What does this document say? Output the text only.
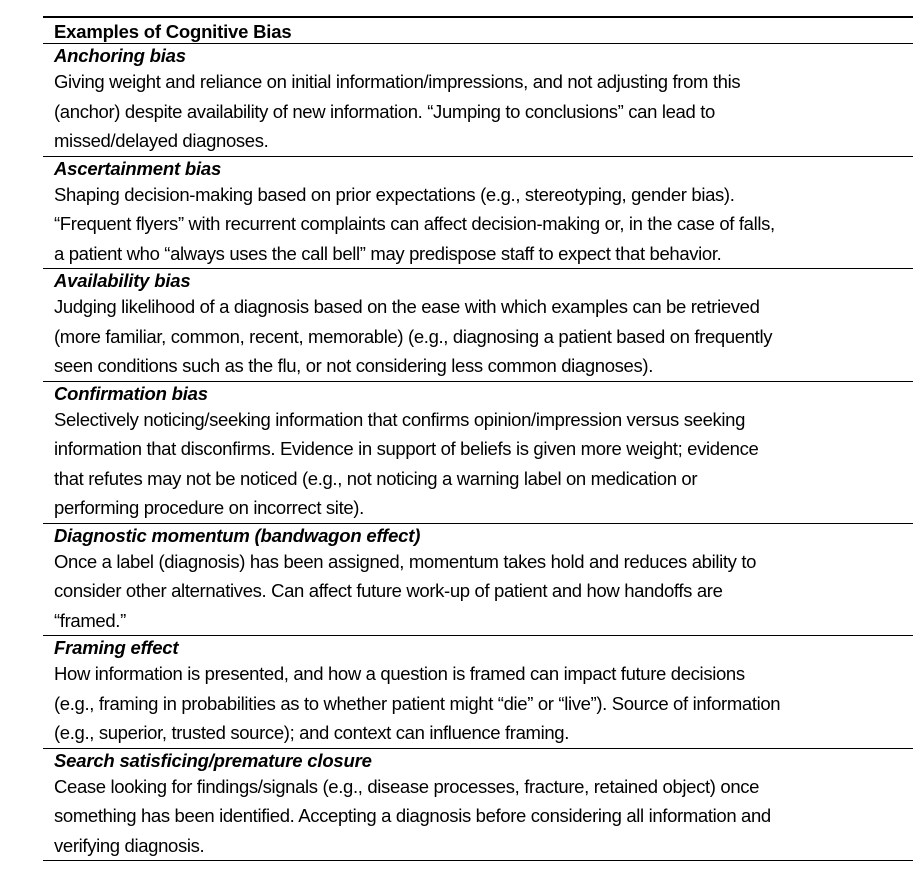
Examples of Cognitive Bias
Anchoring bias
Giving weight and reliance on initial information/impressions, and not adjusting from this
(anchor) despite availability of new information. “Jumping to conclusions” can lead to
missed/delayed diagnoses.
Ascertainment bias
Shaping decision-making based on prior expectations (e.g., stereotyping, gender bias).
“Frequent flyers” with recurrent complaints can affect decision-making or, in the case of falls,
a patient who “always uses the call bell” may predispose staff to expect that behavior.
Availability bias
Judging likelihood of a diagnosis based on the ease with which examples can be retrieved
(more familiar, common, recent, memorable) (e.g., diagnosing a patient based on frequently
seen conditions such as the flu, or not considering less common diagnoses).
Confirmation bias
Selectively noticing/seeking information that confirms opinion/impression versus seeking
information that disconfirms. Evidence in support of beliefs is given more weight; evidence
that refutes may not be noticed (e.g., not noticing a warning label on medication or
performing procedure on incorrect site).
Diagnostic momentum (bandwagon effect)
Once a label (diagnosis) has been assigned, momentum takes hold and reduces ability to
consider other alternatives. Can affect future work-up of patient and how handoffs are
“framed.”
Framing effect
How information is presented, and how a question is framed can impact future decisions
(e.g., framing in probabilities as to whether patient might “die” or “live”). Source of information
(e.g., superior, trusted source); and context can influence framing.
Search satisficing/premature closure
Cease looking for findings/signals (e.g., disease processes, fracture, retained object) once
something has been identified. Accepting a diagnosis before considering all information and
verifying diagnosis.
